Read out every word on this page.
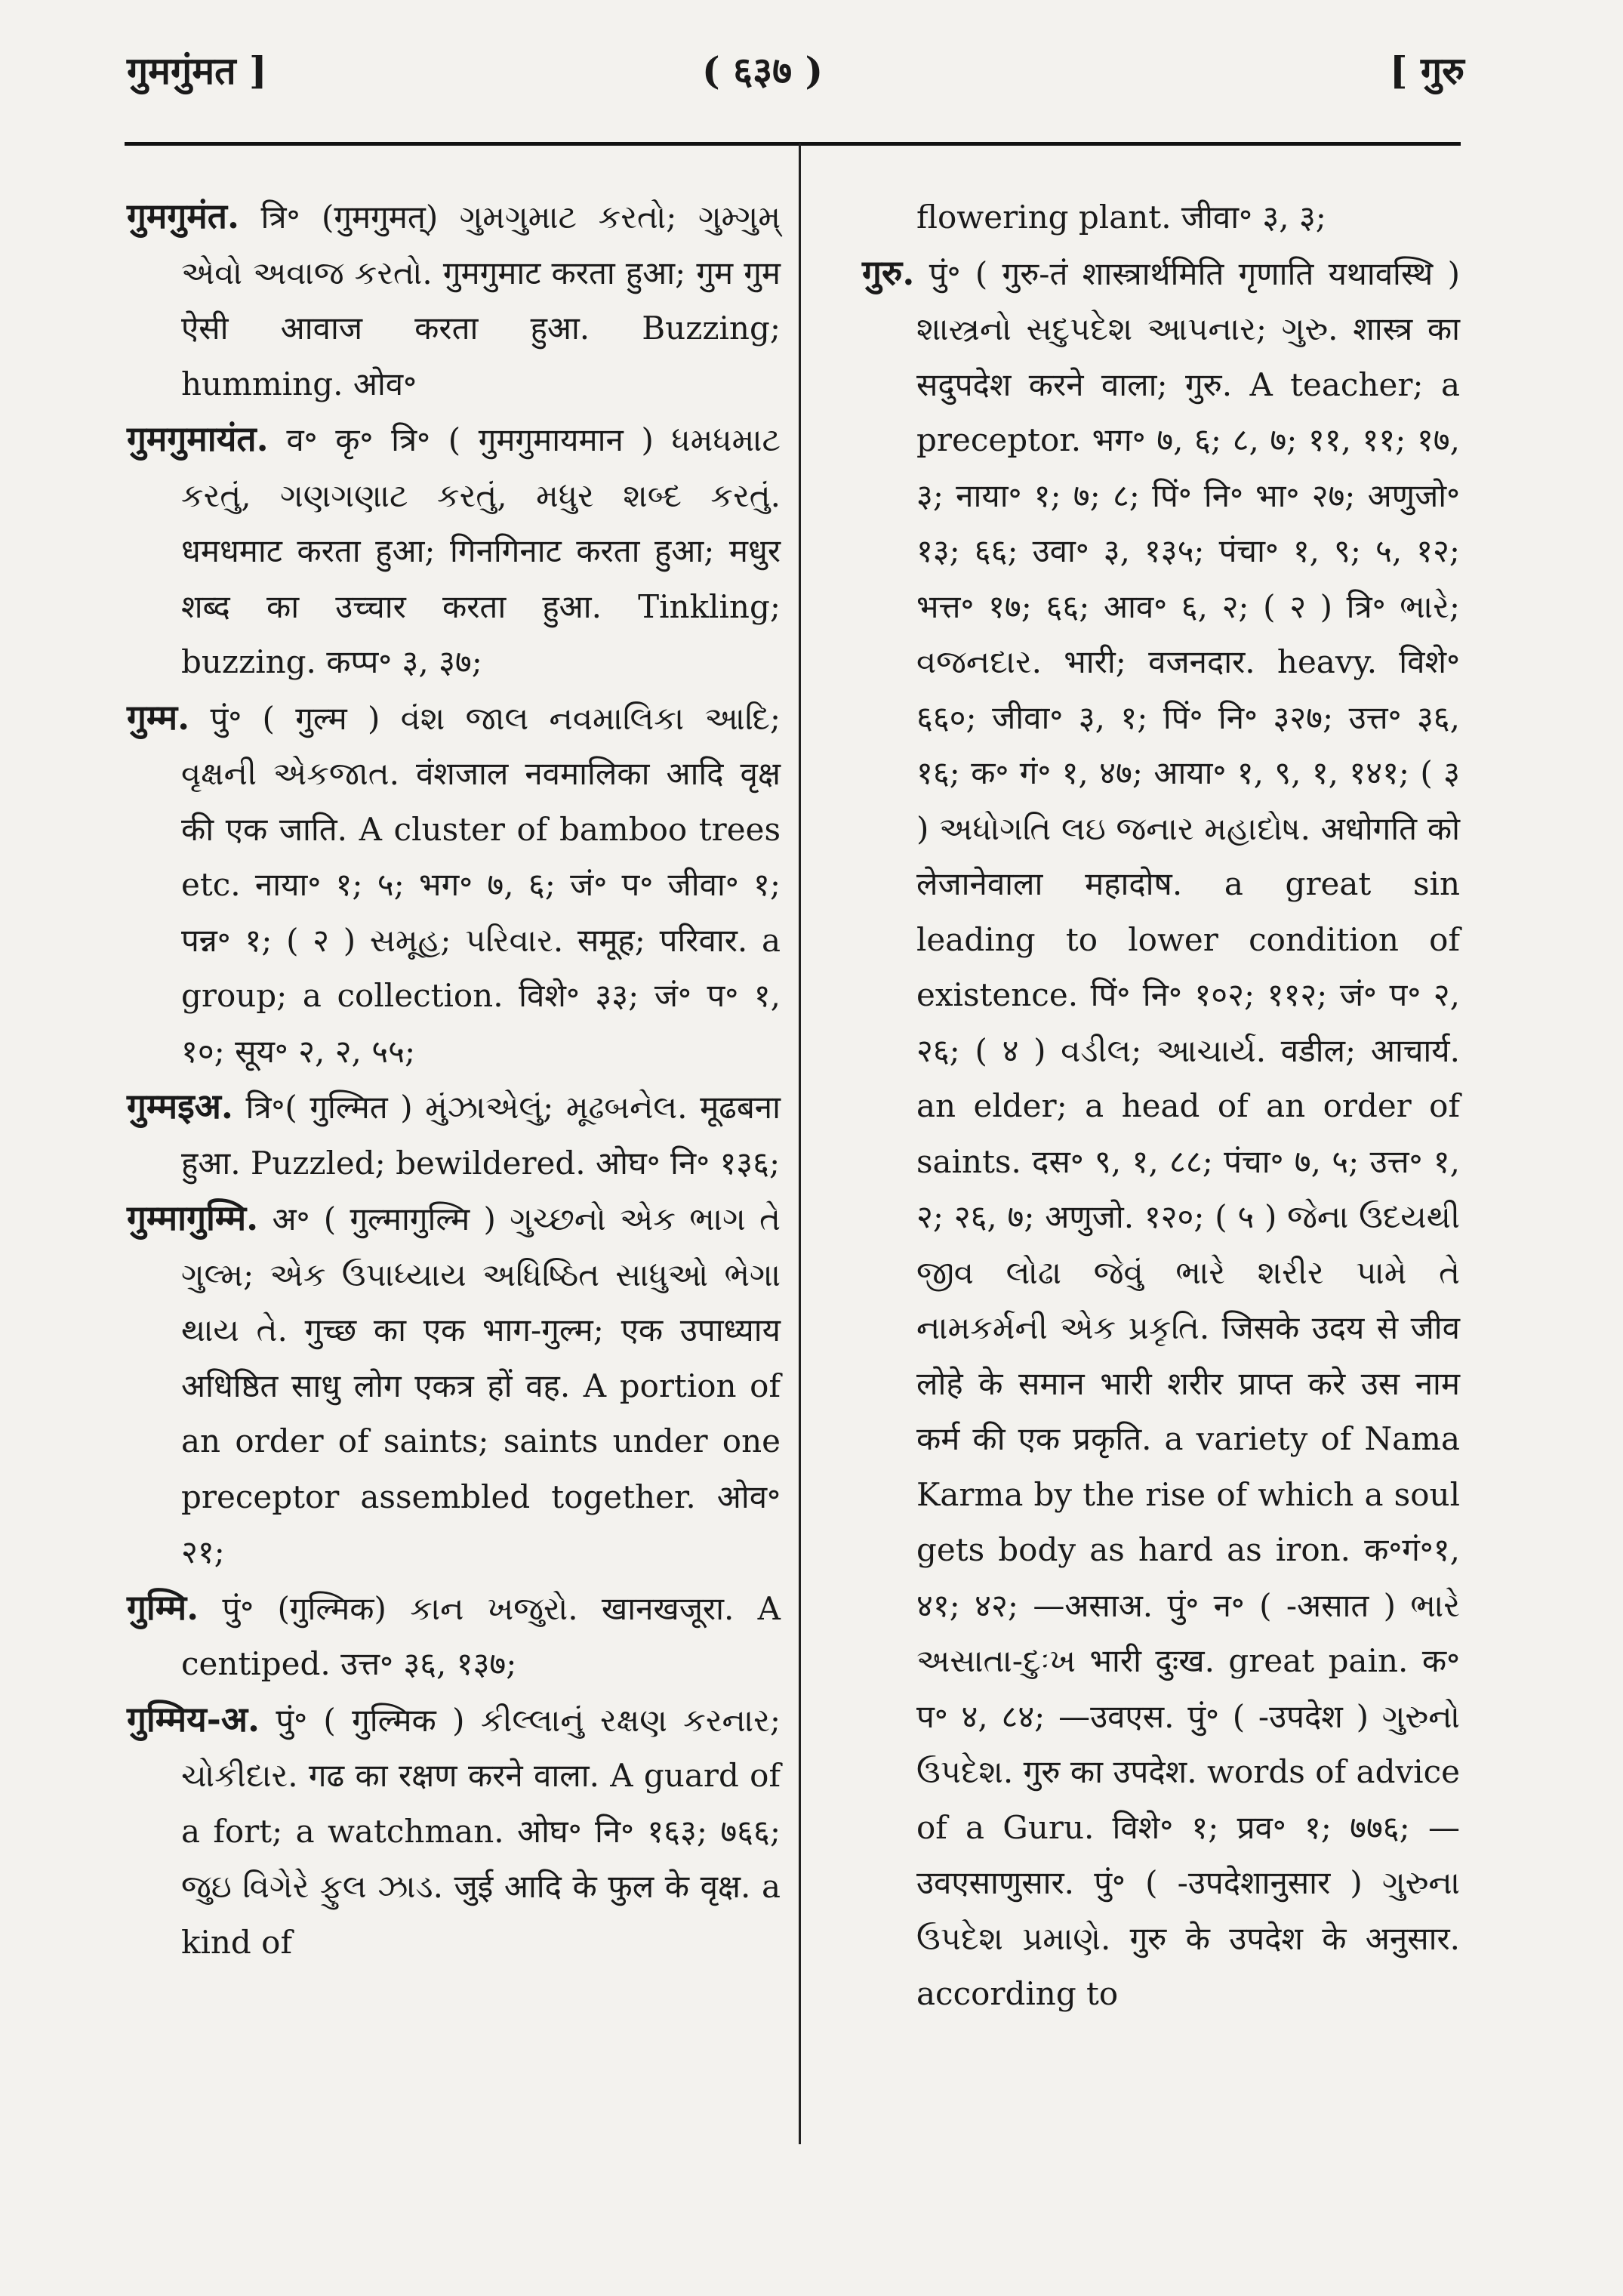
गुमगुंमत ]	( ६३७ )	[ गुरु

गुमगुमंत. त्रि॰ (गुमगुमत्) ગુમગુમાટ કરતો; ગુમ્ગુમ્ એવો અવાજ કરતો. गुमगुमाट करता हुआ; गुम गुम ऐसी आवाज करता हुआ. Buzzing; humming. ओव॰

गुमगुमायंत. व॰ कृ॰ त्रि॰ ( गुमगुमायमान ) ધમધમાટ કરતું, ગણગણાટ કરતું, મધુર શબ્દ કરતું. धमधमाट करता हुआ; गिनगिनाट करता हुआ; मधुर शब्द का उच्चार करता हुआ. Tinkling; buzzing. कप्प॰ ३, ३७;

गुम्म. पुं॰ ( गुल्म ) વંશ જાલ નવમાલિકા આદિ; વૃક્ષની એકજાત. वंशजाल नवमालिका आदि वृक्ष की एक जाति. A cluster of bamboo trees etc. नाया॰ १; ५; भग॰ ७, ६; जं॰ प॰ जीवा॰ १; पन्न॰ १; ( २ ) સમૂહ; પરિવાર. समूह; परिवार. a group; a collection. विशे॰ ३३; जं॰ प॰ १, १०; सूय॰ २, २, ५५;

गुम्मइअ. त्रि॰( गुल्मित ) મુંઝાએલું; મૂઢબનેલ. मूढबना हुआ. Puzzled; bewildered. ओघ॰ नि॰ १३६;

गुम्मागुम्मि. अ॰ ( गुल्मागुल्मि ) ગુચ્છનો એક ભાગ તે ગુલ્મ; એક ઉપાધ્યાય અધિષ્ઠિત સાધુઓ ભેગા થાય તે. गुच्छ का एक भाग-गुल्म; एक उपाध्याय अधिष्ठित साधु लोग एकत्र हों वह. A portion of an order of saints; saints under one preceptor assembled together. ओव॰ २१;

गुम्मि. पुं॰ (गुल्मिक) કાન ખજુરો. खानखजूरा. A centiped. उत्त॰ ३६, १३७;

गुम्मिय-अ. पुं॰ ( गुल्मिक ) કીલ્લાનું રક્ષણ કરનાર; ચોકીદાર. गढ का रक्षण करने वाला. A guard of a fort; a watchman. ओघ॰ नि॰ १६३; ७६६; જુઇ વિગેરે ફુલ ઝાડ. जुई आदि के फुल के वृक्ष. a kind of

flowering plant. जीवा॰ ३, ३;

गुरु. पुं॰ ( गुरु-तं शास्त्रार्थमिति गृणाति यथावस्थि ) શાસ્ત્રનો સદુપદેશ આપનાર; ગુરુ. शास्त्र का सदुपदेश करने वाला; गुरु. A teacher; a preceptor. भग॰ ७, ६; ८, ७; ११, ११; १७, ३; नाया॰ १; ७; ८; पिं॰ नि॰ भा॰ २७; अणुजो॰ १३; ६६; उवा॰ ३, १३५; पंचा॰ १, ९; ५, १२; भत्त॰ १७; ६६; आव॰ ६, २; ( २ ) त्रि॰ ભારે; વજનદાર. भारी; वजनदार. heavy. विशे॰ ६६०; जीवा॰ ३, १; पिं॰ नि॰ ३२७; उत्त॰ ३६, १६; क॰ गं॰ १, ४७; आया॰ १, ९, १, १४१; ( ३ ) અધોગતિ લઇ જનાર મહાદોષ. अधोगति को लेजानेवाला महादोष. a great sin leading to lower condition of existence. पिं॰ नि॰ १०२; ११२; जं॰ प॰ २, २६; ( ४ ) વડીલ; આચાર્ય. वडील; आचार्य. an elder; a head of an order of saints. दस॰ ९, १, ८८; पंचा॰ ७, ५; उत्त॰ १, २; २६, ७; अणुजो. १२०; ( ५ ) જેના ઉદયથી જીવ લોઢા જેવું ભારે શરીર પામે તે નામકર્મની એક પ્રકૃતિ. जिसके उदय से जीव लोहे के समान भारी शरीर प्राप्त करे उस नाम कर्म की एक प्रकृति. a variety of Nama Karma by the rise of which a soul gets body as hard as iron. क॰गं॰१, ४१; ४२; —असाअ. पुं॰ न॰ ( -असात ) ભારે અસાતા-દુઃખ भारी दुःख. great pain. क॰ प॰ ४, ८४; —उवएस. पुं॰ ( -उपदेश ) ગુરુનો ઉપદેશ. गुरु का उपदेश. words of advice of a Guru. विशे॰ १; प्रव॰ १; ७७६; —उवएसाणुसार. पुं॰ ( -उपदेशानुसार ) ગુરુના ઉપદેશ પ્રમાણે. गुरु के उपदेश के अनुसार. according to
